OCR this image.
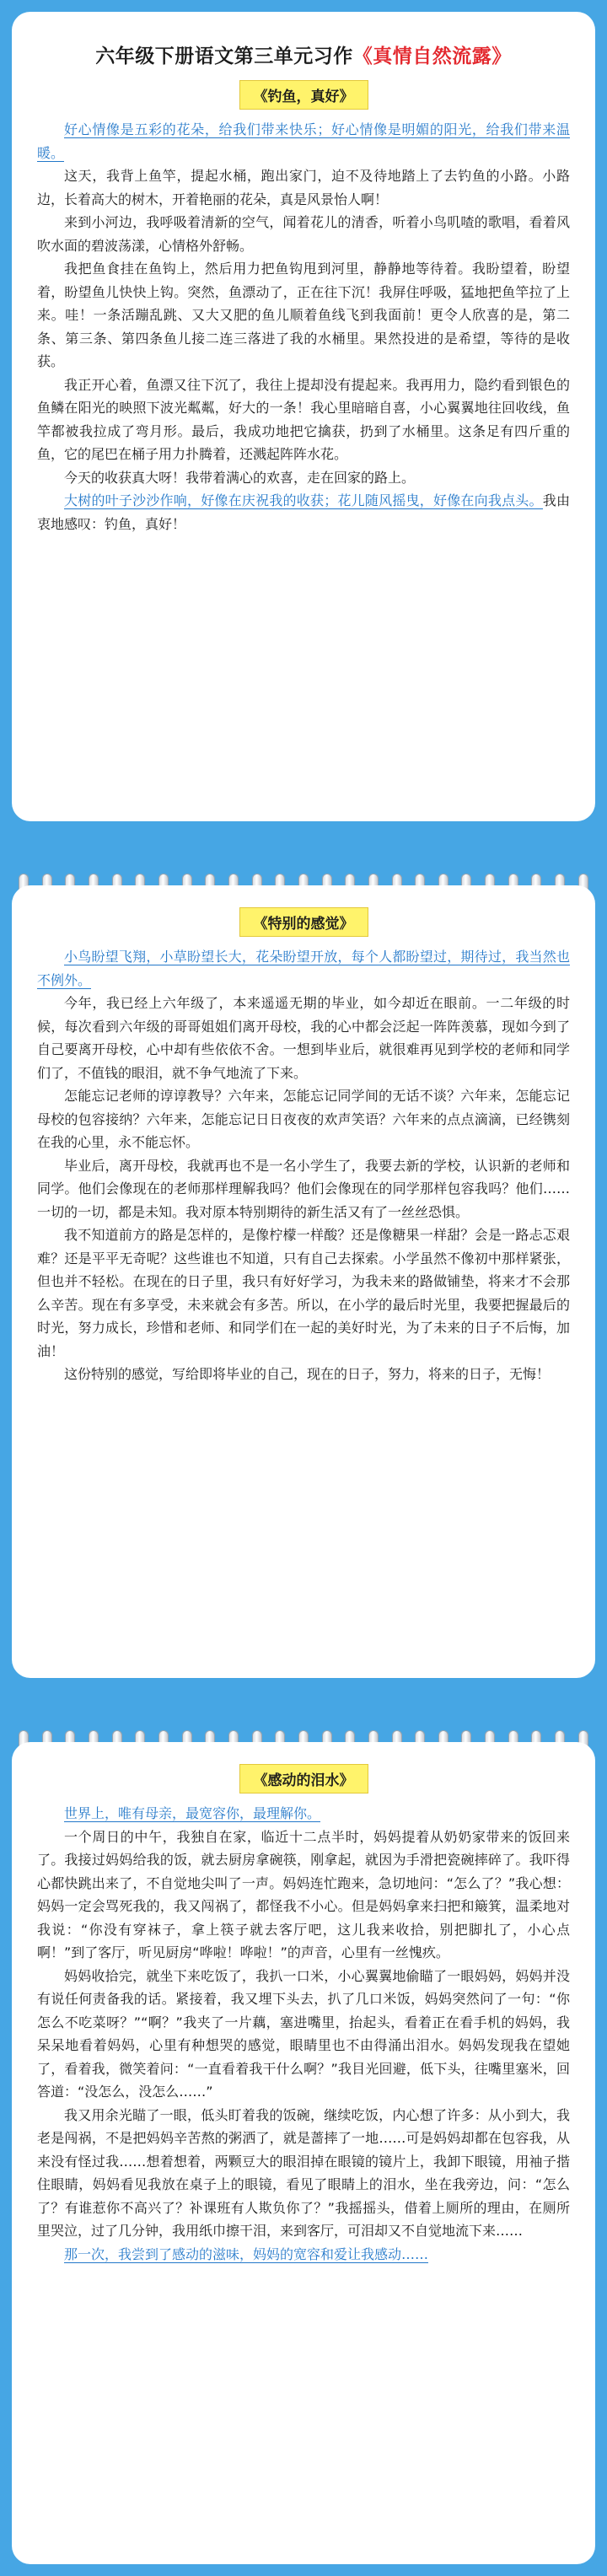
六年级下册语文第三单元习作《真情自然流露》
《钓鱼，真好》

好心情像是五彩的花朵，给我们带来快乐；好心情像是明媚的阳光，给我们带来温暖。

这天，我背上鱼竿，提起水桶，跑出家门，迫不及待地踏上了去钓鱼的小路。小路边，长着高大的树木，开着艳丽的花朵，真是风景怡人啊！

来到小河边，我呼吸着清新的空气，闻着花儿的清香，听着小鸟叽喳的歌唱，看着风吹水面的碧波荡漾，心情格外舒畅。

我把鱼食挂在鱼钩上，然后用力把鱼钩甩到河里，静静地等待着。我盼望着，盼望着，盼望鱼儿快快上钩。突然，鱼漂动了，正在往下沉！我屏住呼吸，猛地把鱼竿拉了上来。哇！一条活蹦乱跳、又大又肥的鱼儿顺着鱼线飞到我面前！更令人欣喜的是，第二条、第三条、第四条鱼儿接二连三落进了我的水桶里。果然投进的是希望，等待的是收获。

我正开心着，鱼漂又往下沉了，我往上提却没有提起来。我再用力，隐约看到银色的鱼鳞在阳光的映照下波光粼粼，好大的一条！我心里暗暗自喜，小心翼翼地往回收线，鱼竿都被我拉成了弯月形。最后，我成功地把它擒获，扔到了水桶里。这条足有四斤重的鱼，它的尾巴在桶子用力扑腾着，还溅起阵阵水花。

今天的收获真大呀！我带着满心的欢喜，走在回家的路上。

大树的叶子沙沙作响，好像在庆祝我的收获；花儿随风摇曳，好像在向我点头。我由衷地感叹：钓鱼，真好！

《特别的感觉》

小鸟盼望飞翔，小草盼望长大，花朵盼望开放，每个人都盼望过，期待过，我当然也不例外。

今年，我已经上六年级了，本来遥遥无期的毕业，如今却近在眼前。一二年级的时候，每次看到六年级的哥哥姐姐们离开母校，我的心中都会泛起一阵阵羡慕，现如今到了自己要离开母校，心中却有些依依不舍。一想到毕业后，就很难再见到学校的老师和同学们了，不值钱的眼泪，就不争气地流了下来。

怎能忘记老师的谆谆教导？六年来，怎能忘记同学间的无话不谈？六年来，怎能忘记母校的包容接纳？六年来，怎能忘记日日夜夜的欢声笑语？六年来的点点滴滴，已经镌刻在我的心里，永不能忘怀。

毕业后，离开母校，我就再也不是一名小学生了，我要去新的学校，认识新的老师和同学。他们会像现在的老师那样理解我吗？他们会像现在的同学那样包容我吗？他们……一切的一切，都是未知。我对原本特别期待的新生活又有了一丝丝恐惧。

我不知道前方的路是怎样的，是像柠檬一样酸？还是像糖果一样甜？会是一路忐忑艰难？还是平平无奇呢？这些谁也不知道，只有自己去探索。小学虽然不像初中那样紧张，但也并不轻松。在现在的日子里，我只有好好学习，为我未来的路做铺垫，将来才不会那么辛苦。现在有多享受，未来就会有多苦。所以，在小学的最后时光里，我要把握最后的时光，努力成长，珍惜和老师、和同学们在一起的美好时光，为了未来的日子不后悔，加油！

这份特别的感觉，写给即将毕业的自己，现在的日子，努力，将来的日子，无悔！

《感动的泪水》

世界上，唯有母亲，最宽容你，最理解你。

一个周日的中午，我独自在家，临近十二点半时，妈妈提着从奶奶家带来的饭回来了。我接过妈妈给我的饭，就去厨房拿碗筷，刚拿起，就因为手滑把瓷碗摔碎了。我吓得心都快跳出来了，不自觉地尖叫了一声。妈妈连忙跑来，急切地问：“怎么了？”我心想：妈妈一定会骂死我的，我又闯祸了，都怪我不小心。但是妈妈拿来扫把和簸箕，温柔地对我说：“你没有穿袜子，拿上筷子就去客厅吧，这儿我来收拾，别把脚扎了，小心点啊！”到了客厅，听见厨房“哗啦！哗啦！”的声音，心里有一丝愧疚。

妈妈收拾完，就坐下来吃饭了，我扒一口米，小心翼翼地偷瞄了一眼妈妈，妈妈并没有说任何责备我的话。紧接着，我又埋下头去，扒了几口米饭，妈妈突然问了一句：“你怎么不吃菜呀？”“啊？”我夹了一片藕，塞进嘴里，抬起头，看着正在看手机的妈妈，我呆呆地看着妈妈，心里有种想哭的感觉，眼睛里也不由得涌出泪水。妈妈发现我在望她了，看着我，微笑着问：“一直看着我干什么啊？”我目光回避，低下头，往嘴里塞米，回答道：“没怎么，没怎么……”

我又用余光瞄了一眼，低头盯着我的饭碗，继续吃饭，内心想了许多：从小到大，我老是闯祸，不是把妈妈辛苦熬的粥洒了，就是蔷摔了一地……可是妈妈却都在包容我，从来没有怪过我……想着想着，两颗豆大的眼泪掉在眼镜的镜片上，我卸下眼镜，用袖子揩住眼睛，妈妈看见我放在桌子上的眼镜，看见了眼睛上的泪水，坐在我旁边，问：“怎么了？有谁惹你不高兴了？补课班有人欺负你了？”我摇摇头，借着上厕所的理由，在厕所里哭泣，过了几分钟，我用纸巾擦干泪，来到客厅，可泪却又不自觉地流下来……

那一次，我尝到了感动的滋味，妈妈的宽容和爱让我感动……
